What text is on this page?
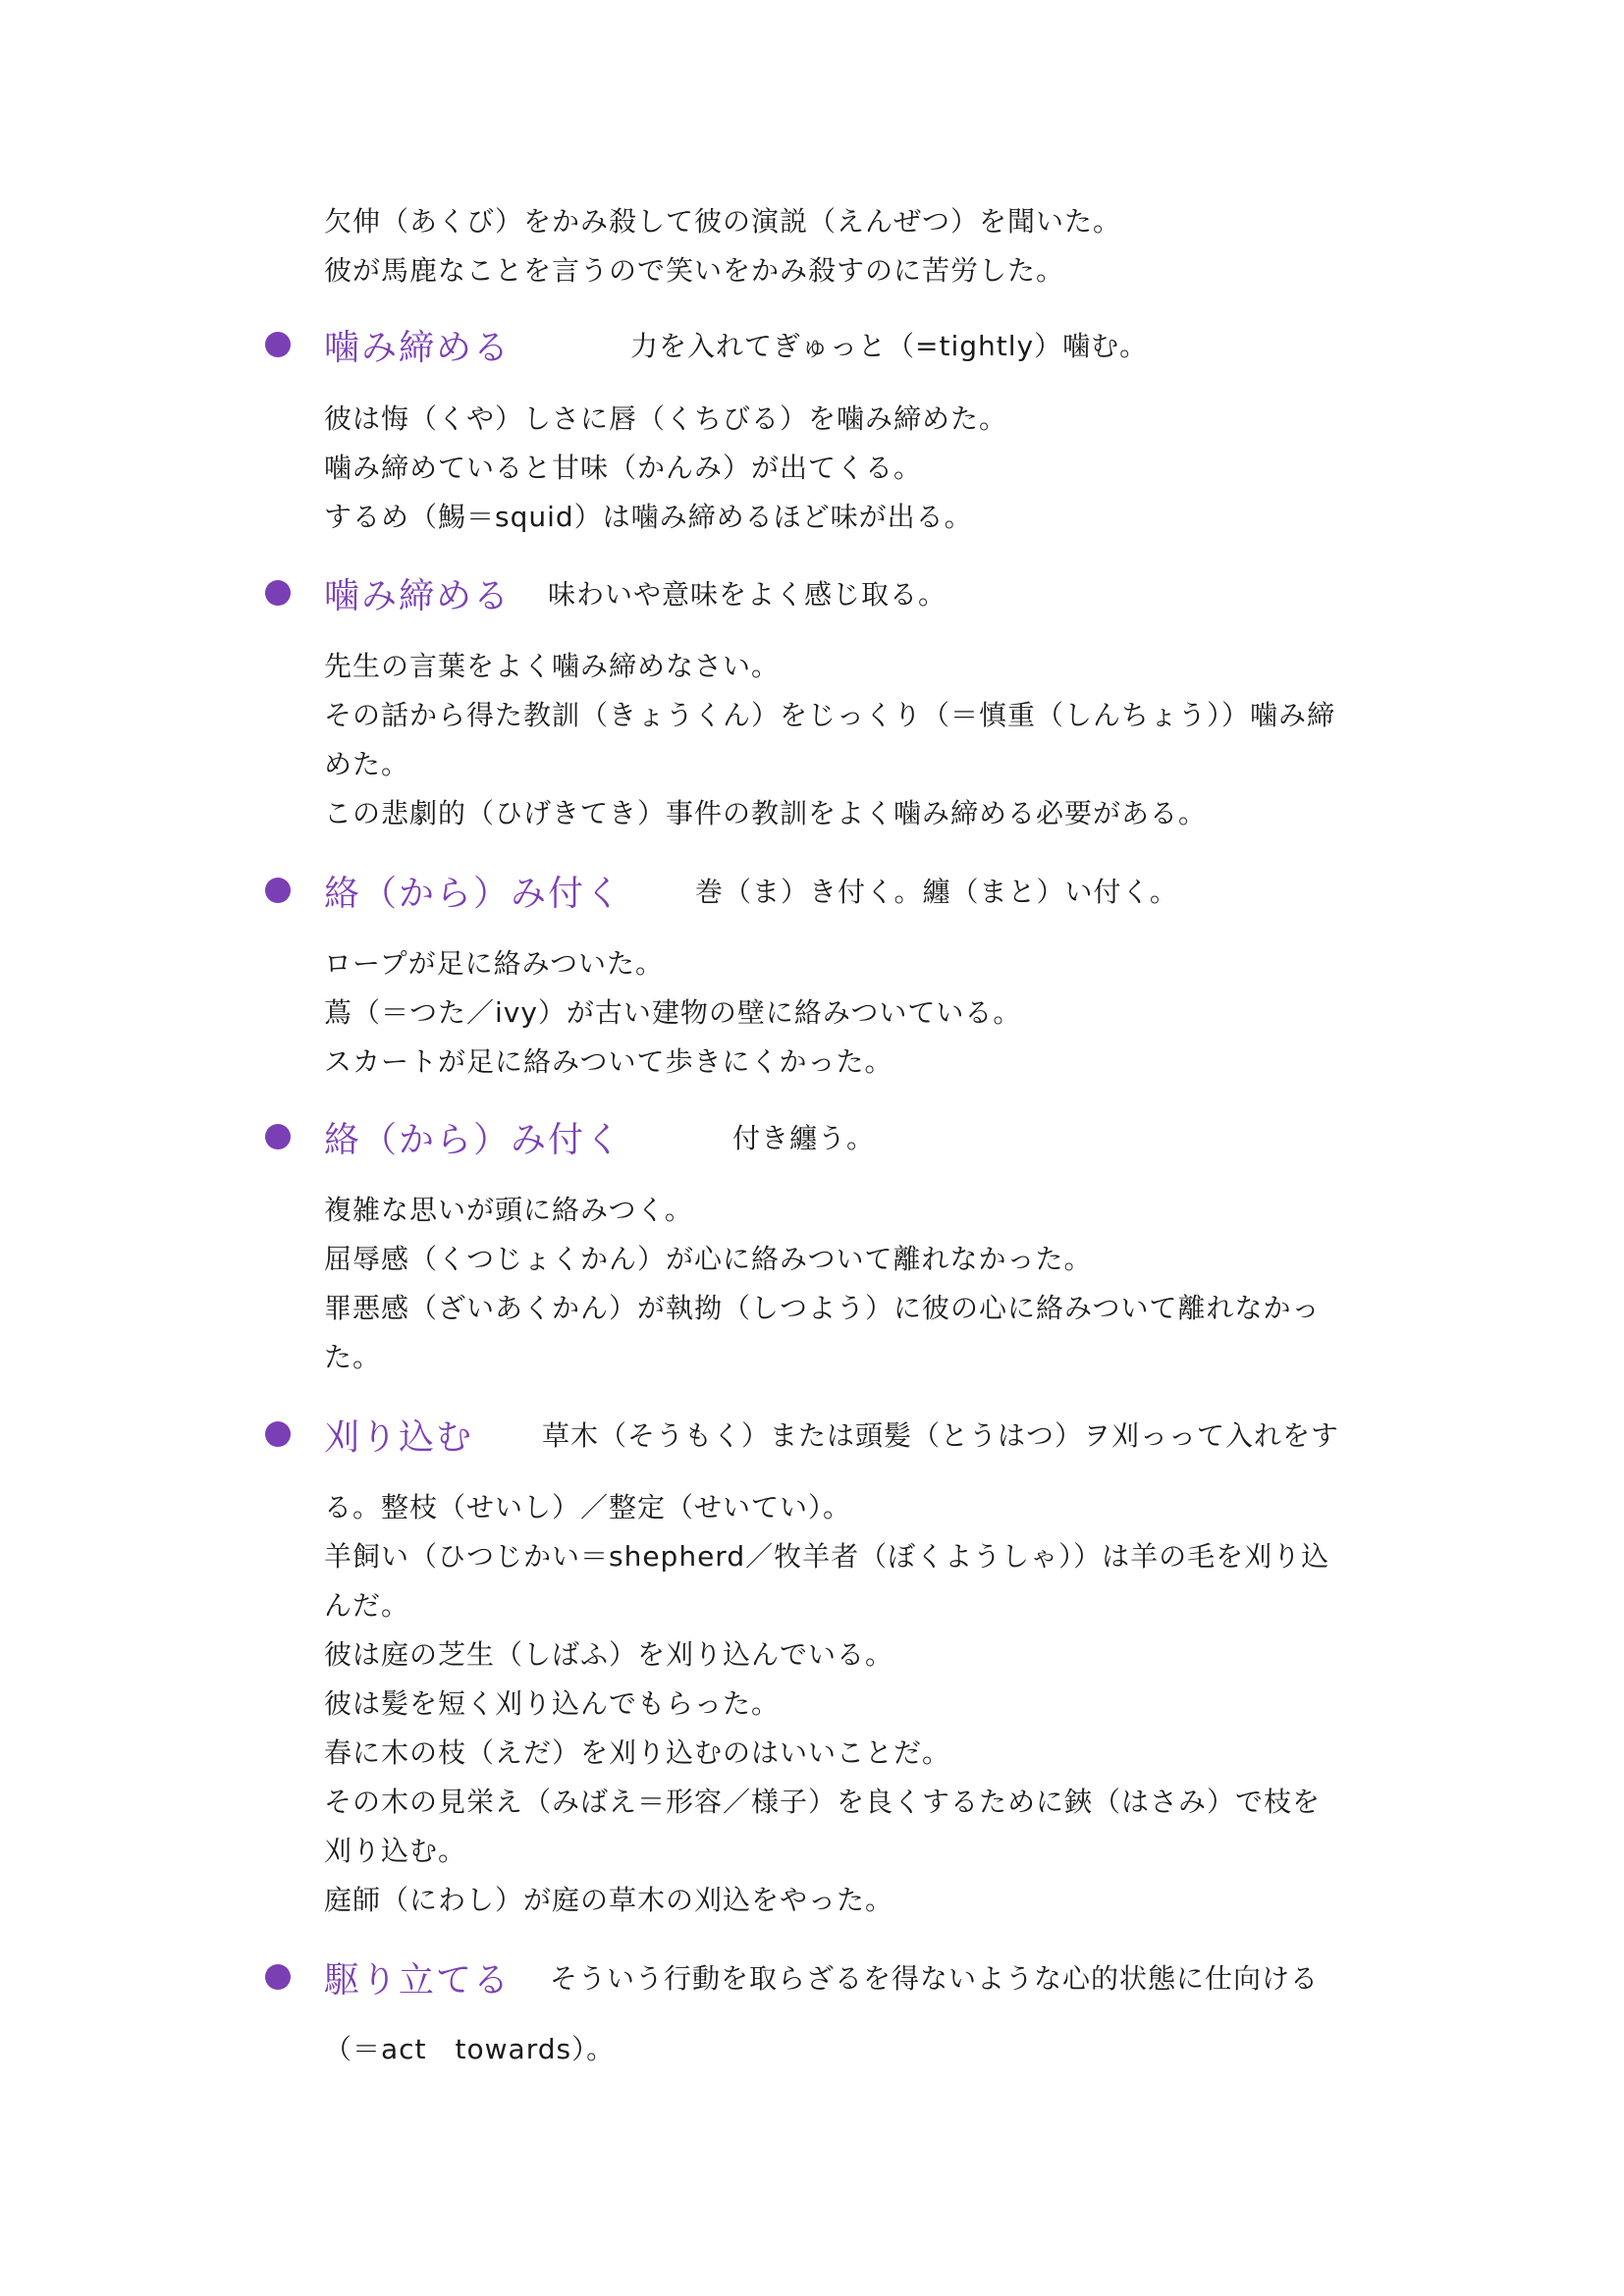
欠伸（あくび）をかみ殺して彼の演説（えんぜつ）を聞いた。
彼が馬鹿なことを言うので笑いをかみ殺すのに苦労した。
噛み締める	力を入れてぎゅっと（=tightly）噛む。
彼は悔（くや）しさに唇（くちびる）を噛み締めた。
噛み締めていると甘味（かんみ）が出てくる。
するめ（鯣＝squid）は噛み締めるほど味が出る。
噛み締める 味わいや意味をよく感じ取る。
先生の言葉をよく噛み締めなさい。
その話から得た教訓（きょうくん）をじっくり（＝慎重（しんちょう））噛み締
めた。
この悲劇的（ひげきてき）事件の教訓をよく噛み締める必要がある。
絡（から）み付く	巻（ま）き付く。纏（まと）い付く。
ロープが足に絡みついた。
蔦（＝つた／ivy）が古い建物の壁に絡みついている。
スカートが足に絡みついて歩きにくかった。
絡（から）み付く	付き纏う。
複雑な思いが頭に絡みつく。
屈辱感（くつじょくかん）が心に絡みついて離れなかった。
罪悪感（ざいあくかん）が執拗（しつよう）に彼の心に絡みついて離れなかっ
た。
刈り込む	草木（そうもく）または頭髪（とうはつ）ヲ刈っって入れをす
る。整枝（せいし）／整定（せいてい）。
羊飼い（ひつじかい＝shepherd／牧羊者（ぼくようしゃ））は羊の毛を刈り込
んだ。
彼は庭の芝生（しばふ）を刈り込んでいる。
彼は髪を短く刈り込んでもらった。
春に木の枝（えだ）を刈り込むのはいいことだ。
その木の見栄え（みばえ＝形容／様子）を良くするために鋏（はさみ）で枝を
刈り込む。
庭師（にわし）が庭の草木の刈込をやった。
駆り立てる そういう行動を取らざるを得ないような心的状態に仕向ける
（＝act　towards）。
